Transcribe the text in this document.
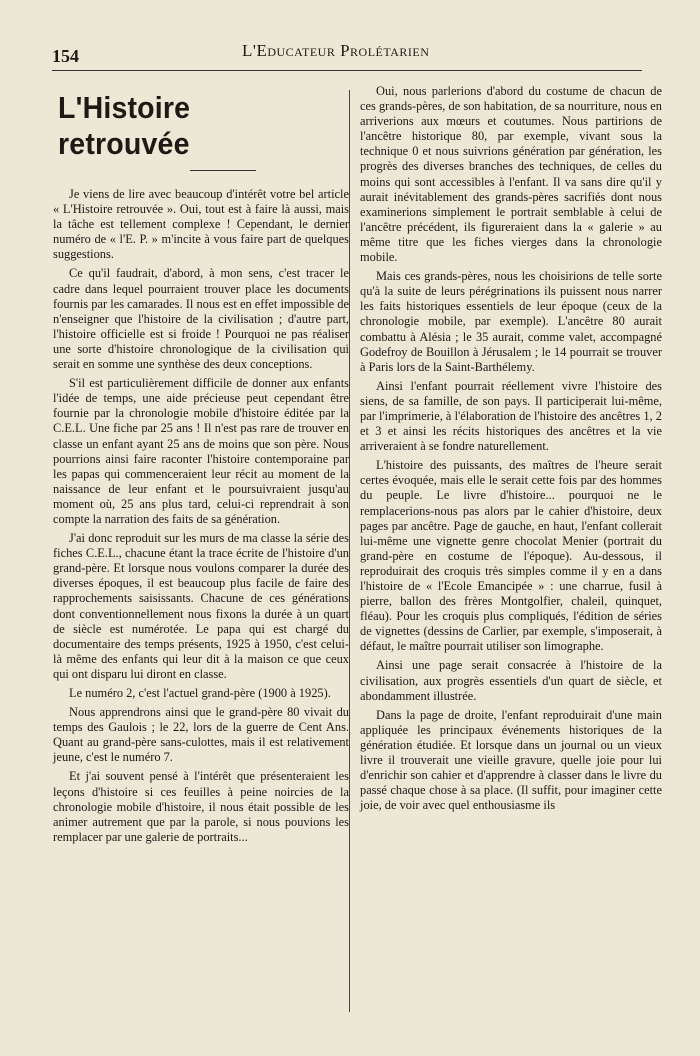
154	L'Educateur Prolétarien
L'Histoire retrouvée

Je viens de lire avec beaucoup d'intérêt votre bel article « L'Histoire retrouvée ». Oui, tout est à faire là aussi, mais la tâche est tellement complexe ! Cependant, le dernier numéro de « l'E. P. » m'incite à vous faire part de quelques suggestions.

Ce qu'il faudrait, d'abord, à mon sens, c'est tracer le cadre dans lequel pourraient trouver place les documents fournis par les camarades. Il nous est en effet impossible de n'enseigner que l'histoire de la civilisation ; d'autre part, l'histoire officielle est si froide ! Pourquoi ne pas réaliser une sorte d'histoire chronologique de la civilisation qui serait en somme une synthèse des deux conceptions.

S'il est particulièrement difficile de donner aux enfants l'idée de temps, une aide précieuse peut cependant être fournie par la chronologie mobile d'histoire éditée par la C.E.L. Une fiche par 25 ans ! Il n'est pas rare de trouver en classe un enfant ayant 25 ans de moins que son père. Nous pourrions ainsi faire raconter l'histoire contemporaine par les papas qui commenceraient leur récit au moment de la naissance de leur enfant et le poursuivraient jusqu'au moment où, 25 ans plus tard, celui-ci reprendrait à son compte la narration des faits de sa génération.

J'ai donc reproduit sur les murs de ma classe la série des fiches C.E.L., chacune étant la trace écrite de l'histoire d'un grand-père. Et lorsque nous voulons comparer la durée des diverses époques, il est beaucoup plus facile de faire des rapprochements saisissants. Chacune de ces générations dont conventionnellement nous fixons la durée à un quart de siècle est numérotée. Le papa qui est chargé du documentaire des temps présents, 1925 à 1950, c'est celui-là même des enfants qui leur dit à la maison ce que ceux qui ont disparu lui diront en classe.

Le numéro 2, c'est l'actuel grand-père (1900 à 1925).

Nous apprendrons ainsi que le grand-père 80 vivait du temps des Gaulois ; le 22, lors de la guerre de Cent Ans. Quant au grand-père sans-culottes, mais il est relativement jeune, c'est le numéro 7.

Et j'ai souvent pensé à l'intérêt que présenteraient les leçons d'histoire si ces feuilles à peine noircies de la chronologie mobile d'histoire, il nous était possible de les animer autrement que par la parole, si nous pouvions les remplacer par une galerie de portraits...

Oui, nous parlerions d'abord du costume de chacun de ces grands-pères, de son habitation, de sa nourriture, nous en arriverions aux mœurs et coutumes. Nous partirions de l'ancêtre historique 80, par exemple, vivant sous la technique 0 et nous suivrions génération par génération, les progrès des diverses branches des techniques, de celles du moins qui sont accessibles à l'enfant. Il va sans dire qu'il y aurait inévitablement des grands-pères sacrifiés dont nous examinerions simplement le portrait semblable à celui de l'ancêtre précédent, ils figureraient dans la « galerie » au même titre que les fiches vierges dans la chronologie mobile.

Mais ces grands-pères, nous les choisirions de telle sorte qu'à la suite de leurs pérégrinations ils puissent nous narrer les faits historiques essentiels de leur époque (ceux de la chronologie mobile, par exemple). L'ancêtre 80 aurait combattu à Alésia ; le 35 aurait, comme valet, accompagné Godefroy de Bouillon à Jérusalem ; le 14 pourrait se trouver à Paris lors de la Saint-Barthélemy.

Ainsi l'enfant pourrait réellement vivre l'histoire des siens, de sa famille, de son pays. Il participerait lui-même, par l'imprimerie, à l'élaboration de l'histoire des ancêtres 1, 2 et 3 et ainsi les récits historiques des ancêtres et la vie arriveraient à se fondre naturellement.

L'histoire des puissants, des maîtres de l'heure serait certes évoquée, mais elle le serait cette fois par des hommes du peuple. Le livre d'histoire... pourquoi ne le remplacerions-nous pas alors par le cahier d'histoire, deux pages par ancêtre. Page de gauche, en haut, l'enfant collerait lui-même une vignette genre chocolat Menier (portrait du grand-père en costume de l'époque). Au-dessous, il reproduirait des croquis très simples comme il y en a dans l'histoire de « l'Ecole Emancipée » : une charrue, fusil à pierre, ballon des frères Montgolfier, chaleil, quinquet, fléau). Pour les croquis plus compliqués, l'édition de séries de vignettes (dessins de Carlier, par exemple, s'imposerait, à défaut, le maître pourrait utiliser son limographe.

Ainsi une page serait consacrée à l'histoire de la civilisation, aux progrès essentiels d'un quart de siècle, et abondamment illustrée.

Dans la page de droite, l'enfant reproduirait d'une main appliquée les principaux événements historiques de la génération étudiée. Et lorsque dans un journal ou un vieux livre il trouverait une vieille gravure, quelle joie pour lui d'enrichir son cahier et d'apprendre à classer dans le livre du passé chaque chose à sa place. (Il suffit, pour imaginer cette joie, de voir avec quel enthousiasme ils
